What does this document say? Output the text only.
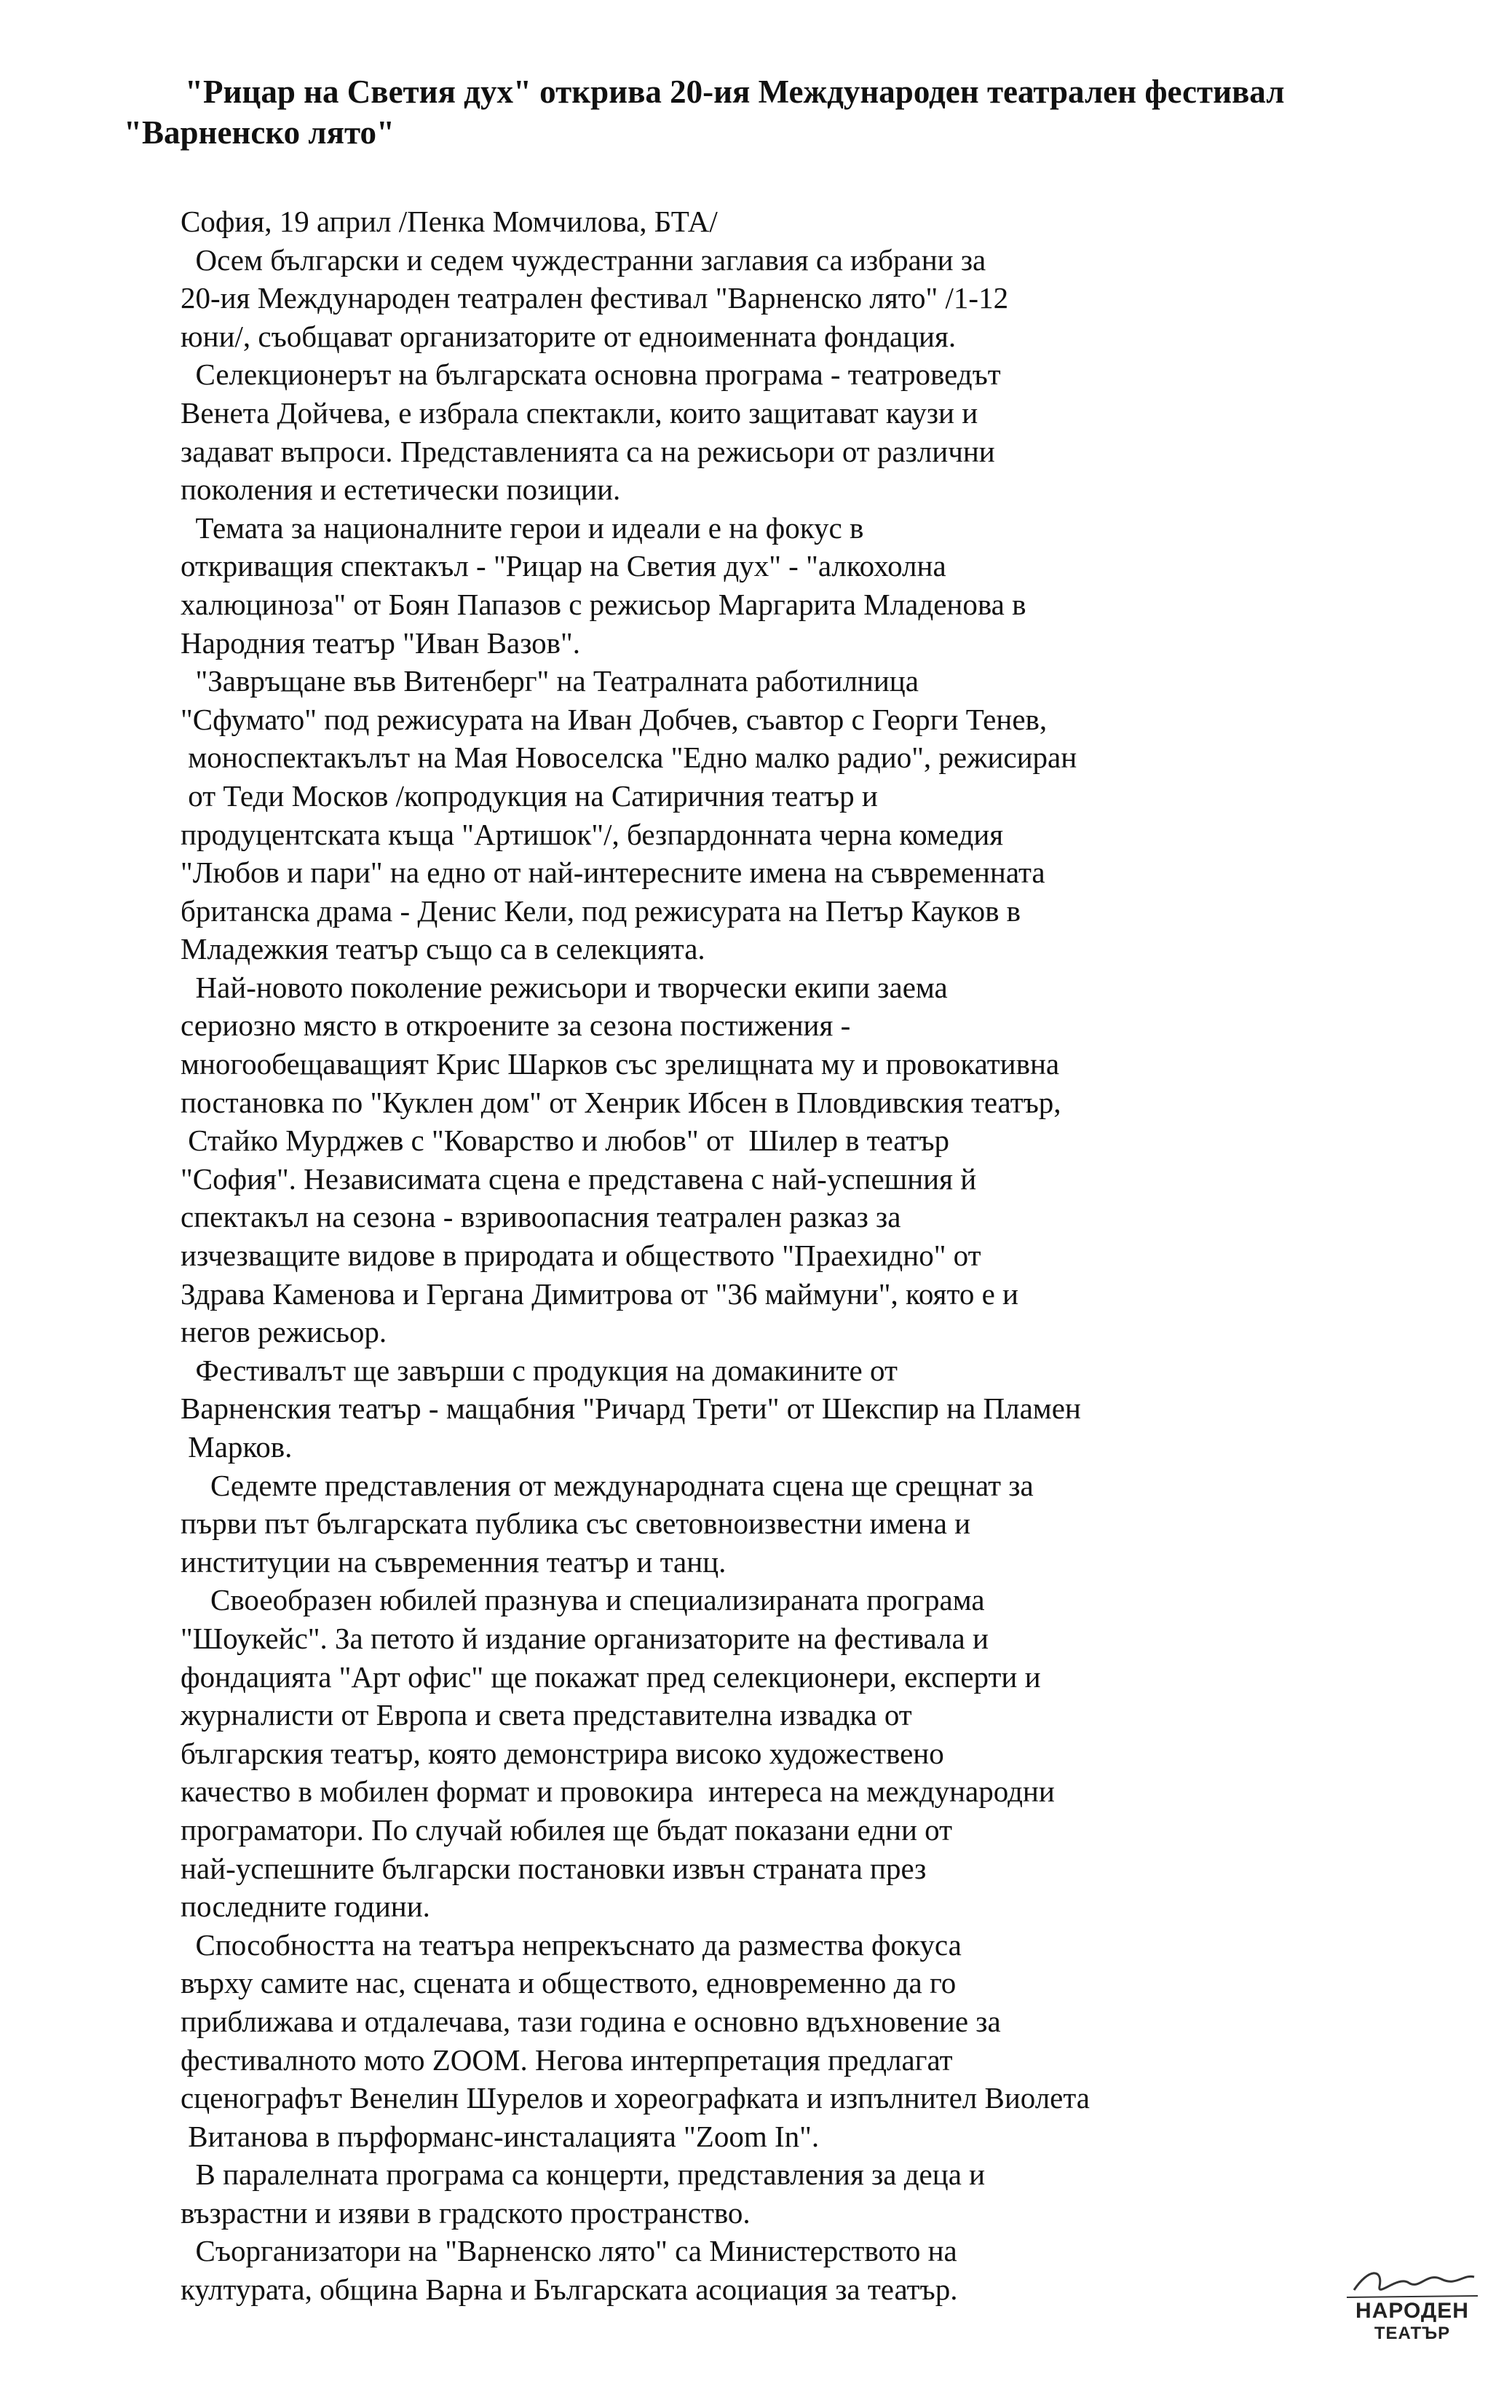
"Рицар на Светия дух" открива 20-ия Международен театрален фестивал
"Варненско лято"
София, 19 април /Пенка Момчилова, БТА/
Осем български и седем чуждестранни заглавия са избрани за
20-ия Международен театрален фестивал "Варненско лято" /1-12
юни/, съобщават организаторите от едноименната фондация.
Селекционерът на българската основна програма - театроведът
Венета Дойчева, е избрала спектакли, които защитават каузи и
задават въпроси. Представленията са на режисьори от различни
поколения и естетически позиции.
Темата за националните герои и идеали е на фокус в
откриващия спектакъл - "Рицар на Светия дух" - "алкохолна
халюциноза" от Боян Папазов с режисьор Маргарита Младенова в
Народния театър "Иван Вазов".
"Завръщане във Витенберг" на Театралната работилница
"Сфумато" под режисурата на Иван Добчев, съавтор с Георги Тенев,
моноспектакълът на Мая Новоселска "Едно малко радио", режисиран
от Теди Москов /копродукция на Сатиричния театър и
продуцентската къща "Артишок"/, безпардонната черна комедия
"Любов и пари" на едно от най-интересните имена на съвременната
британска драма - Денис Кели, под режисурата на Петър Кауков в
Младежкия театър също са в селекцията.
Най-новото поколение режисьори и творчески екипи заема
сериозно място в откроените за сезона постижения -
многообещаващият Крис Шарков със зрелищната му и провокативна
постановка по "Куклен дом" от Хенрик Ибсен в Пловдивския театър,
Стайко Мурджев с "Коварство и любов" от  Шилер в театър
"София". Независимата сцена е представена с най-успешния й
спектакъл на сезона - взривоопасния театрален разказ за
изчезващите видове в природата и обществото "Праехидно" от
Здрава Каменова и Гергана Димитрова от "36 маймуни", която е и
негов режисьор.
Фестивалът ще завърши с продукция на домакините от
Варненския театър - мащабния "Ричард Трети" от Шекспир на Пламен
Марков.
Седемте представления от международната сцена ще срещнат за
първи път българската публика със световноизвестни имена и
институции на съвременния театър и танц.
Своеобразен юбилей празнува и специализираната програма
"Шоукейс". За петото й издание организаторите на фестивала и
фондацията "Арт офис" ще покажат пред селекционери, експерти и
журналисти от Европа и света представителна извадка от
българския театър, която демонстрира високо художествено
качество в мобилен формат и провокира  интереса на международни
програматори. По случай юбилея ще бъдат показани едни от
най-успешните български постановки извън страната през
последните години.
Способността на театъра непрекъснато да размества фокуса
върху самите нас, сцената и обществото, едновременно да го
приближава и отдалечава, тази година е основно вдъхновение за
фестивалното мото ZOOM. Негова интерпретация предлагат
сценографът Венелин Шурелов и хореографката и изпълнител Виолета
Витанова в пърформанс-инсталацията "Zoom In".
В паралелната програма са концерти, представления за деца и
възрастни и изяви в градското пространство.
Съорганизатори на "Варненско лято" са Министерството на
културата, община Варна и Българската асоциация за театър.
НАРОДЕН
ТЕАТЪР
